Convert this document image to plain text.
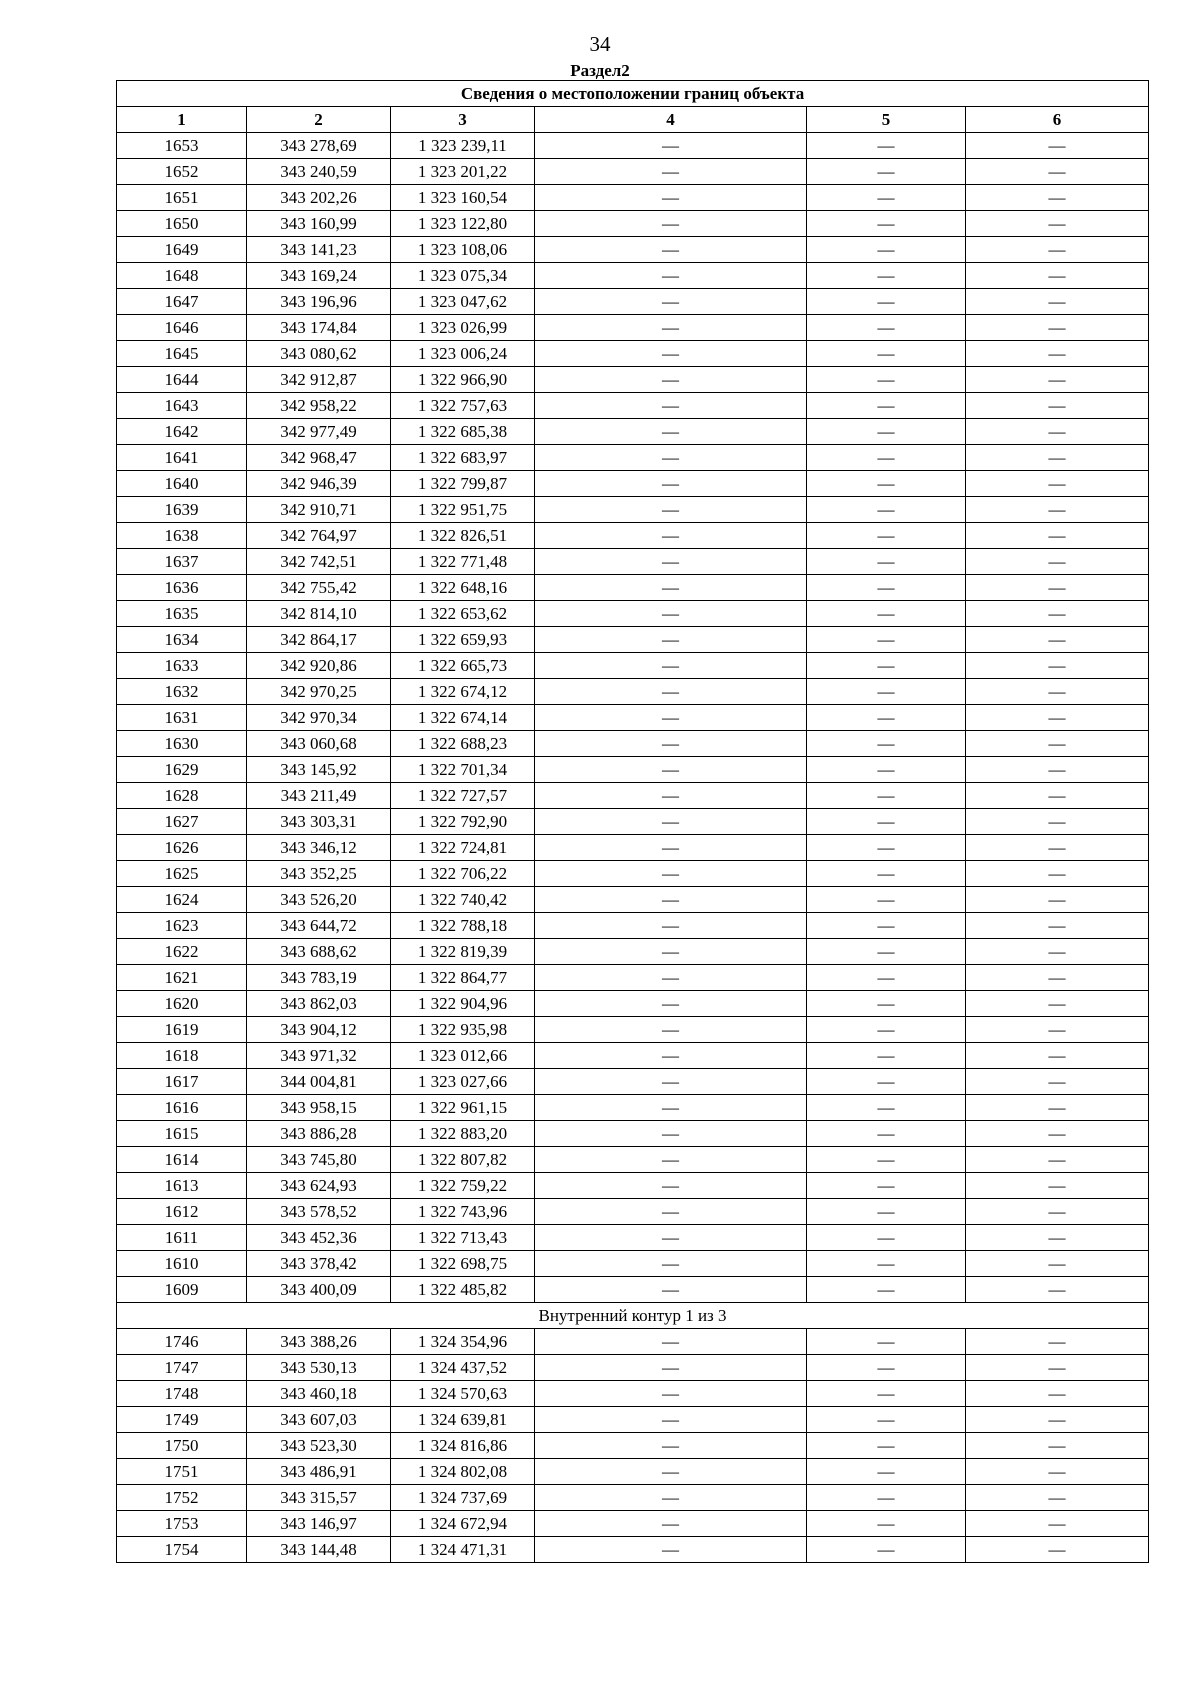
34
Раздел2
Сведения о местоположении границ объекта					
1	2	3	4	5	6
1653	343 278,69	1 323 239,11	—	—	—
1652	343 240,59	1 323 201,22	—	—	—
1651	343 202,26	1 323 160,54	—	—	—
1650	343 160,99	1 323 122,80	—	—	—
1649	343 141,23	1 323 108,06	—	—	—
1648	343 169,24	1 323 075,34	—	—	—
1647	343 196,96	1 323 047,62	—	—	—
1646	343 174,84	1 323 026,99	—	—	—
1645	343 080,62	1 323 006,24	—	—	—
1644	342 912,87	1 322 966,90	—	—	—
1643	342 958,22	1 322 757,63	—	—	—
1642	342 977,49	1 322 685,38	—	—	—
1641	342 968,47	1 322 683,97	—	—	—
1640	342 946,39	1 322 799,87	—	—	—
1639	342 910,71	1 322 951,75	—	—	—
1638	342 764,97	1 322 826,51	—	—	—
1637	342 742,51	1 322 771,48	—	—	—
1636	342 755,42	1 322 648,16	—	—	—
1635	342 814,10	1 322 653,62	—	—	—
1634	342 864,17	1 322 659,93	—	—	—
1633	342 920,86	1 322 665,73	—	—	—
1632	342 970,25	1 322 674,12	—	—	—
1631	342 970,34	1 322 674,14	—	—	—
1630	343 060,68	1 322 688,23	—	—	—
1629	343 145,92	1 322 701,34	—	—	—
1628	343 211,49	1 322 727,57	—	—	—
1627	343 303,31	1 322 792,90	—	—	—
1626	343 346,12	1 322 724,81	—	—	—
1625	343 352,25	1 322 706,22	—	—	—
1624	343 526,20	1 322 740,42	—	—	—
1623	343 644,72	1 322 788,18	—	—	—
1622	343 688,62	1 322 819,39	—	—	—
1621	343 783,19	1 322 864,77	—	—	—
1620	343 862,03	1 322 904,96	—	—	—
1619	343 904,12	1 322 935,98	—	—	—
1618	343 971,32	1 323 012,66	—	—	—
1617	344 004,81	1 323 027,66	—	—	—
1616	343 958,15	1 322 961,15	—	—	—
1615	343 886,28	1 322 883,20	—	—	—
1614	343 745,80	1 322 807,82	—	—	—
1613	343 624,93	1 322 759,22	—	—	—
1612	343 578,52	1 322 743,96	—	—	—
1611	343 452,36	1 322 713,43	—	—	—
1610	343 378,42	1 322 698,75	—	—	—
1609	343 400,09	1 322 485,82	—	—	—
Внутренний контур 1 из 3					
1746	343 388,26	1 324 354,96	—	—	—
1747	343 530,13	1 324 437,52	—	—	—
1748	343 460,18	1 324 570,63	—	—	—
1749	343 607,03	1 324 639,81	—	—	—
1750	343 523,30	1 324 816,86	—	—	—
1751	343 486,91	1 324 802,08	—	—	—
1752	343 315,57	1 324 737,69	—	—	—
1753	343 146,97	1 324 672,94	—	—	—
1754	343 144,48	1 324 471,31	—	—	—
